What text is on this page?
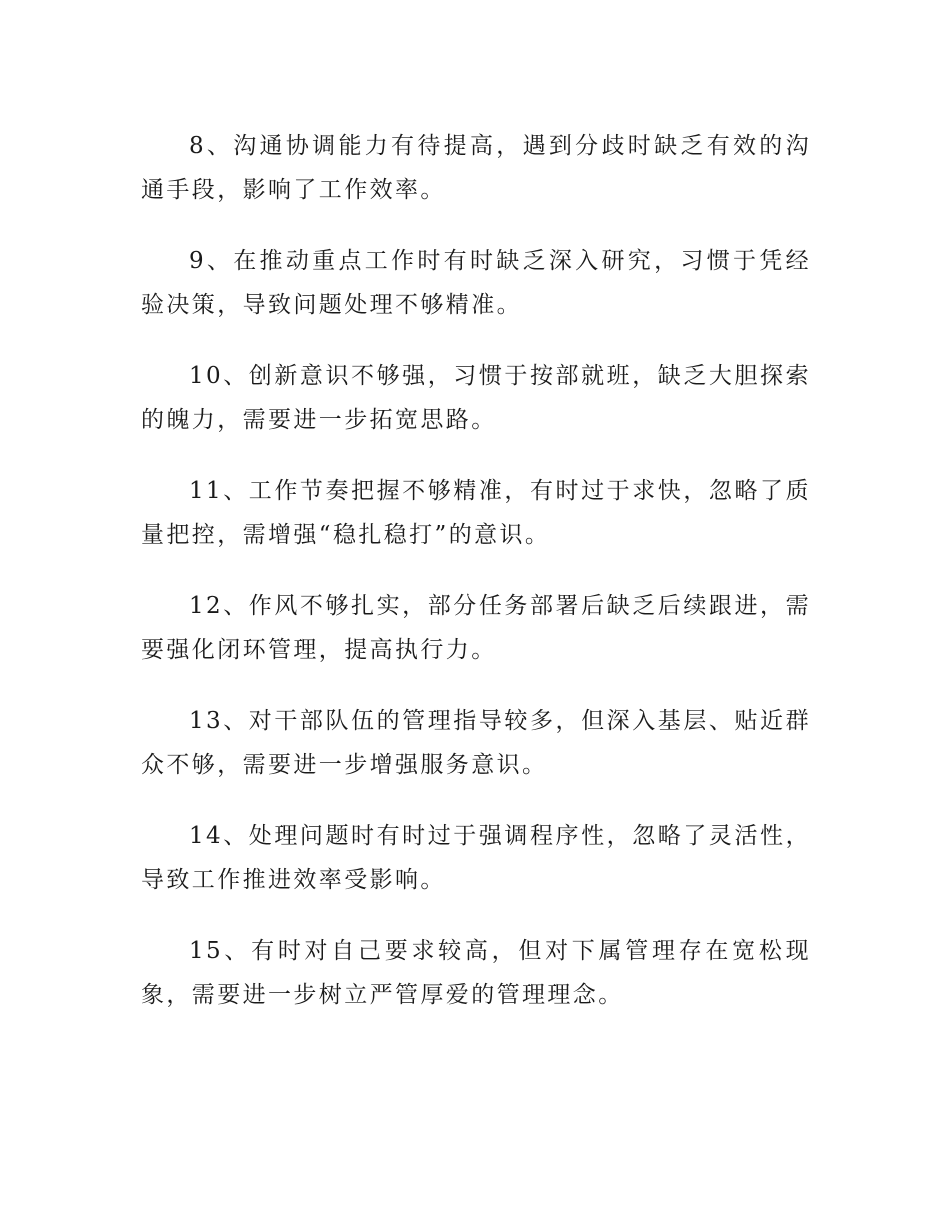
8、沟通协调能力有待提高，遇到分歧时缺乏有效的沟通手段，影响了工作效率。

9、在推动重点工作时有时缺乏深入研究，习惯于凭经验决策，导致问题处理不够精准。

10、创新意识不够强，习惯于按部就班，缺乏大胆探索的魄力，需要进一步拓宽思路。

11、工作节奏把握不够精准，有时过于求快，忽略了质量把控，需增强“稳扎稳打”的意识。

12、作风不够扎实，部分任务部署后缺乏后续跟进，需要强化闭环管理，提高执行力。

13、对干部队伍的管理指导较多，但深入基层、贴近群众不够，需要进一步增强服务意识。

14、处理问题时有时过于强调程序性，忽略了灵活性，导致工作推进效率受影响。

15、有时对自己要求较高，但对下属管理存在宽松现象，需要进一步树立严管厚爱的管理理念。
